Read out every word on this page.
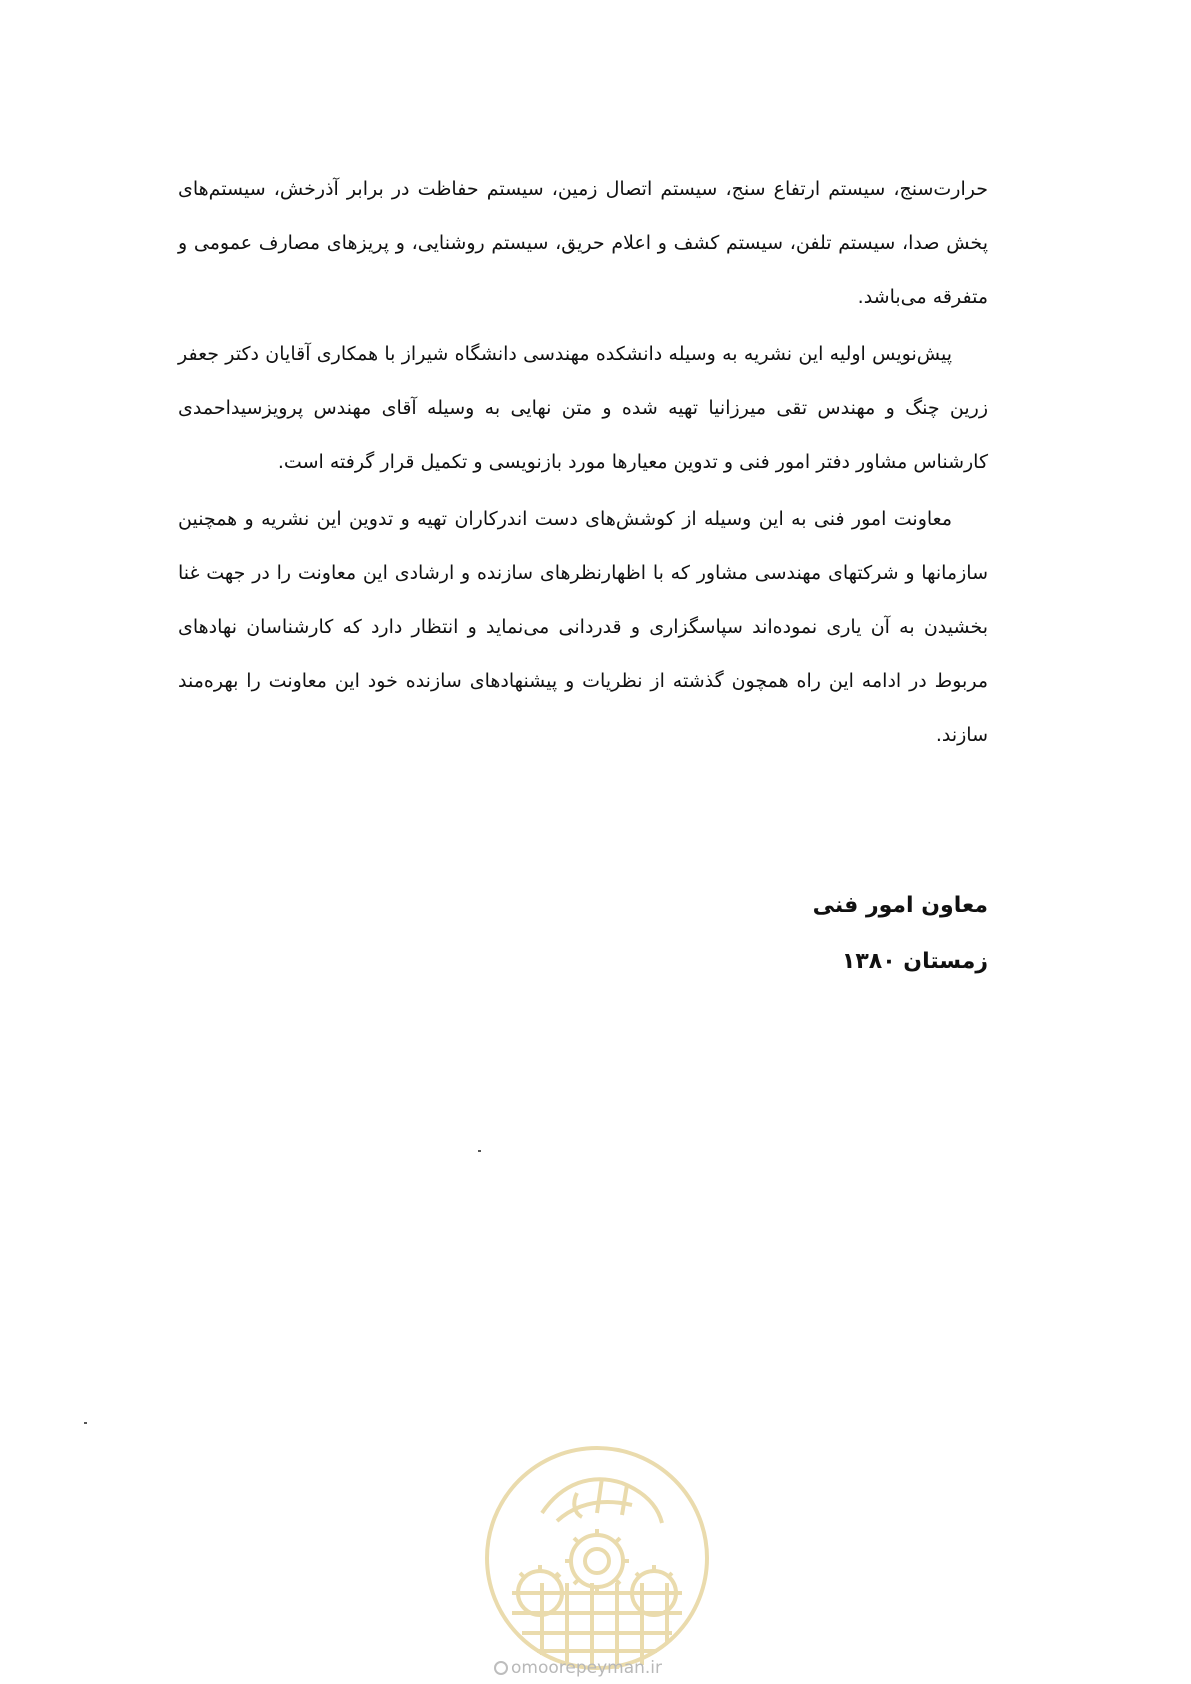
حرارت‌سنج، سیستم ارتفاع سنج، سیستم اتصال زمین، سیستم حفاظت در برابر آذرخش، سیستم‌های پخش صدا، سیستم تلفن، سیستم کشف و اعلام حریق، سیستم روشنایی، و پریزهای مصارف عمومی و متفرقه می‌باشد.

پیش‌نویس اولیه این نشریه به وسیله دانشکده مهندسی دانشگاه شیراز با همکاری آقایان دکتر جعفر زرین چنگ و مهندس تقی میرزانیا تهیه شده و متن نهایی به وسیله آقای مهندس پرویزسیداحمدی کارشناس مشاور دفتر امور فنی و تدوین معیارها مورد بازنویسی و تکمیل قرار گرفته است.

معاونت امور فنی به این وسیله از کوشش‌های دست اندرکاران تهیه و تدوین این نشریه و همچنین سازمانها و شرکتهای مهندسی مشاور که با اظهارنظرهای سازنده و ارشادی این معاونت را در جهت غنا بخشیدن به آن یاری نموده‌اند سپاسگزاری و قدردانی می‌نماید و انتظار دارد که کارشناسان نهادهای مربوط در ادامه این راه همچون گذشته از نظریات و پیشنهادهای سازنده خود این معاونت را بهره‌مند سازند.

معاون امور فنی
زمستان ۱۳۸۰
omoorepeyman.ir
